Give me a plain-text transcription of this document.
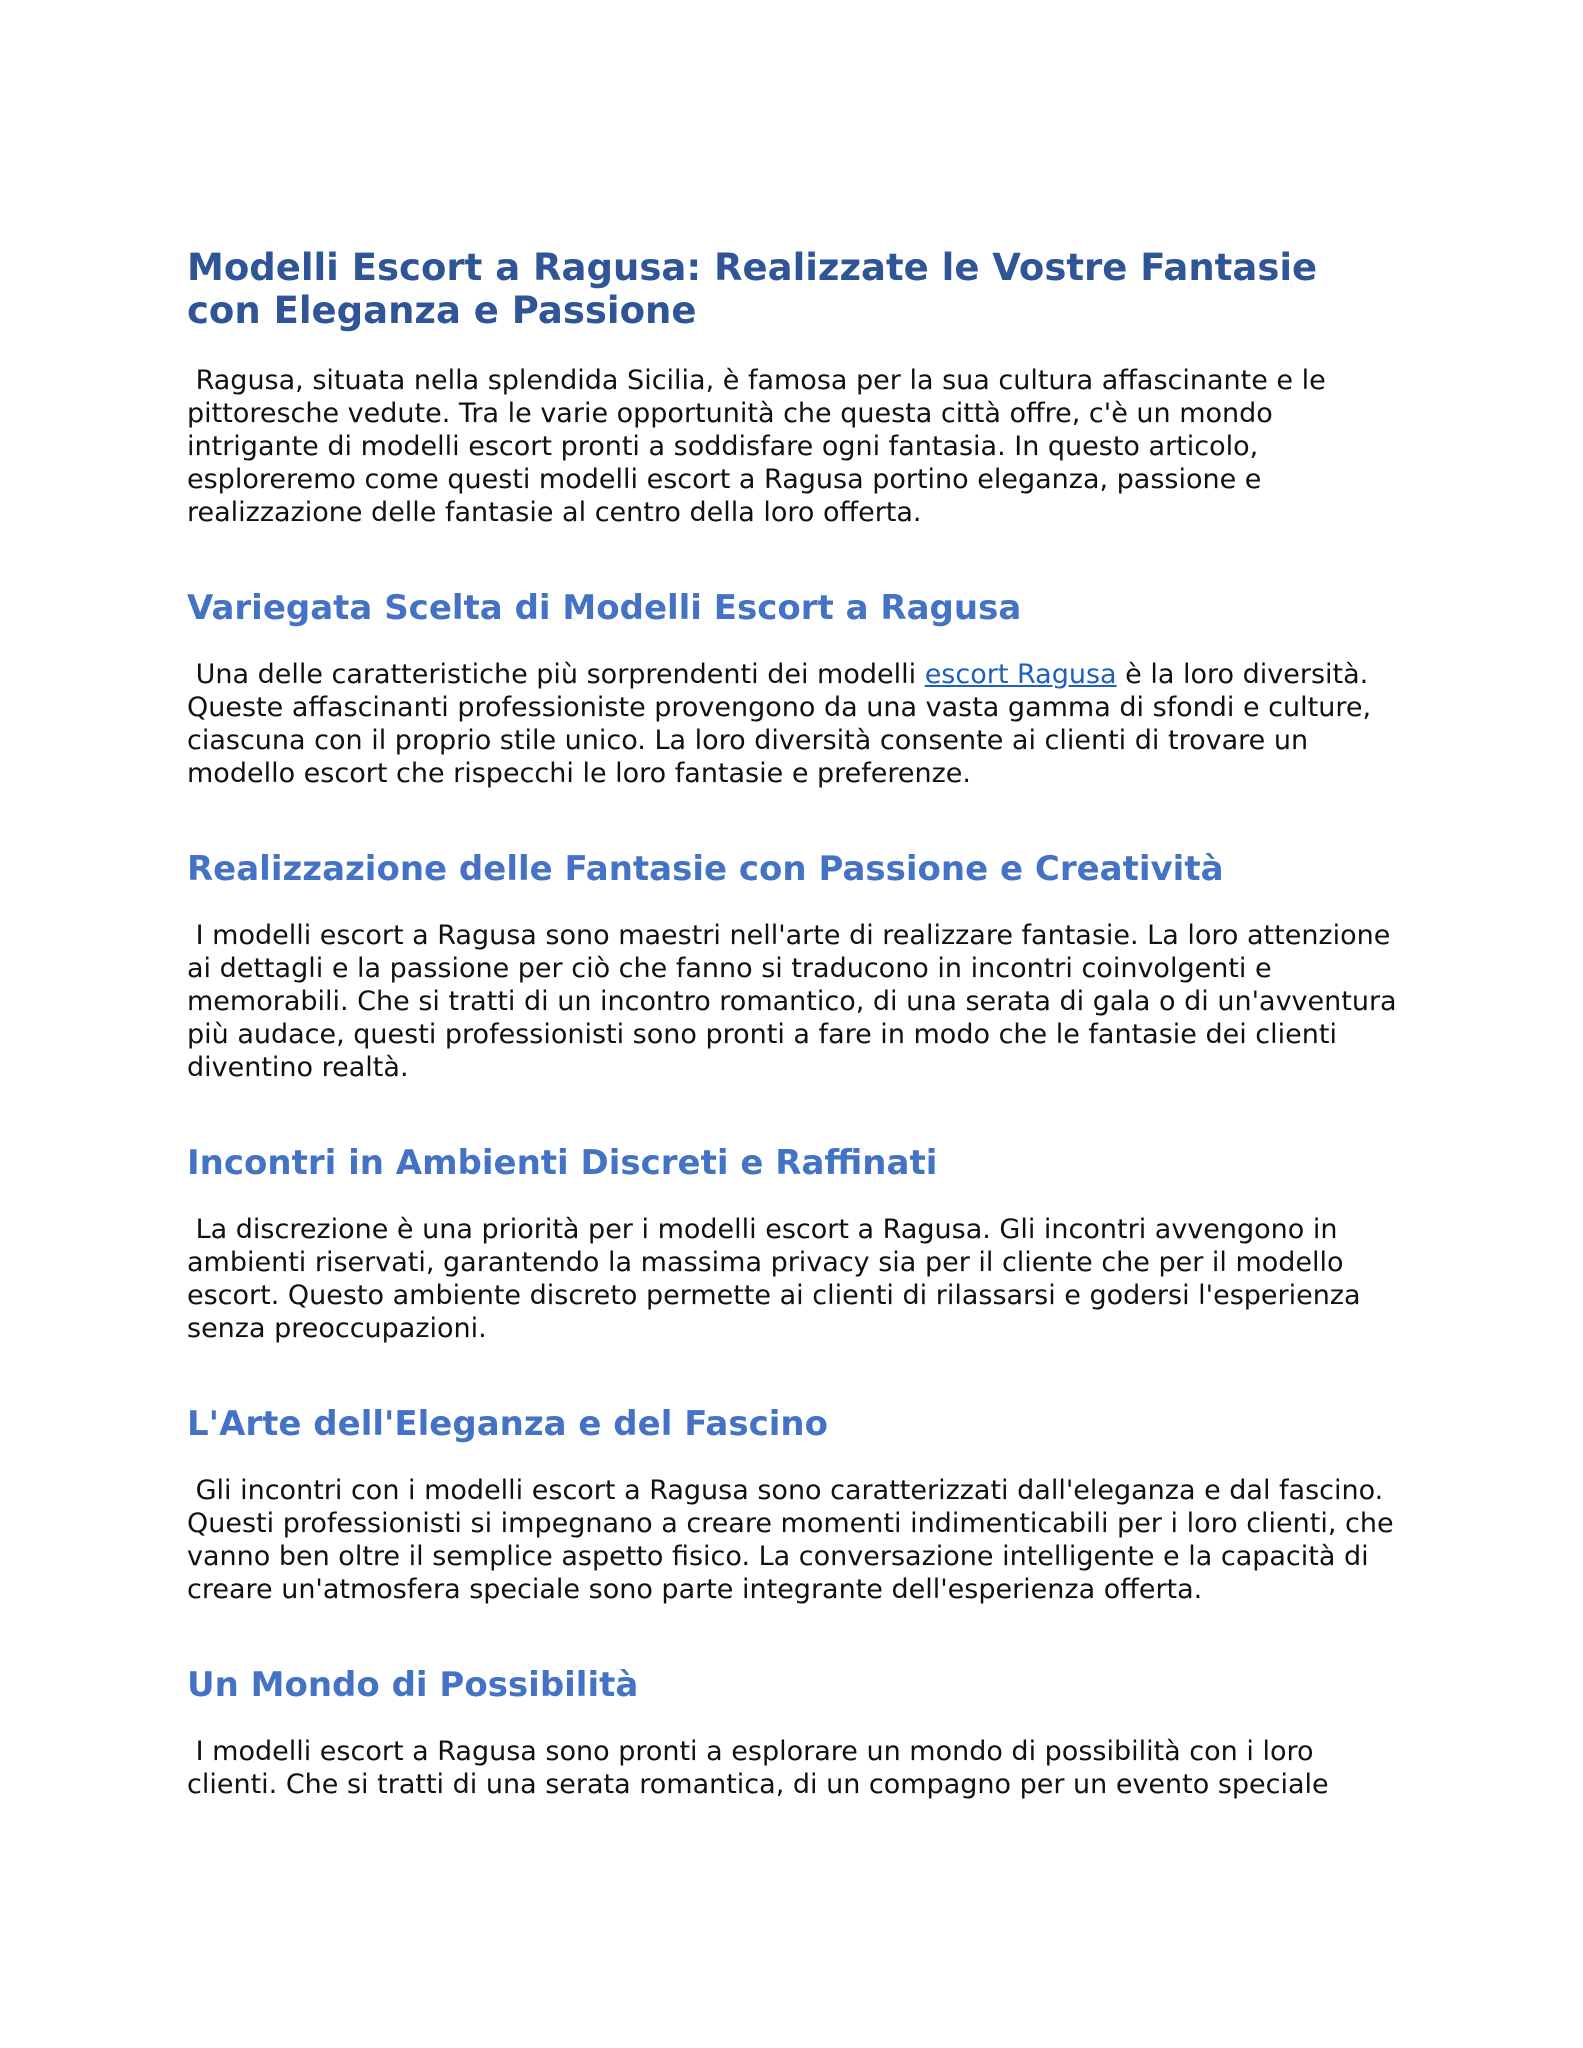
Modelli Escort a Ragusa: Realizzate le Vostre Fantasie con Eleganza e Passione

Ragusa, situata nella splendida Sicilia, è famosa per la sua cultura affascinante e le pittoresche vedute. Tra le varie opportunità che questa città offre, c'è un mondo intrigante di modelli escort pronti a soddisfare ogni fantasia. In questo articolo, esploreremo come questi modelli escort a Ragusa portino eleganza, passione e realizzazione delle fantasie al centro della loro offerta.

Variegata Scelta di Modelli Escort a Ragusa

Una delle caratteristiche più sorprendenti dei modelli escort Ragusa è la loro diversità. Queste affascinanti professioniste provengono da una vasta gamma di sfondi e culture, ciascuna con il proprio stile unico. La loro diversità consente ai clienti di trovare un modello escort che rispecchi le loro fantasie e preferenze.

Realizzazione delle Fantasie con Passione e Creatività

I modelli escort a Ragusa sono maestri nell'arte di realizzare fantasie. La loro attenzione ai dettagli e la passione per ciò che fanno si traducono in incontri coinvolgenti e memorabili. Che si tratti di un incontro romantico, di una serata di gala o di un'avventura più audace, questi professionisti sono pronti a fare in modo che le fantasie dei clienti diventino realtà.

Incontri in Ambienti Discreti e Raffinati

La discrezione è una priorità per i modelli escort a Ragusa. Gli incontri avvengono in ambienti riservati, garantendo la massima privacy sia per il cliente che per il modello escort. Questo ambiente discreto permette ai clienti di rilassarsi e godersi l'esperienza senza preoccupazioni.

L'Arte dell'Eleganza e del Fascino

Gli incontri con i modelli escort a Ragusa sono caratterizzati dall'eleganza e dal fascino. Questi professionisti si impegnano a creare momenti indimenticabili per i loro clienti, che vanno ben oltre il semplice aspetto fisico. La conversazione intelligente e la capacità di creare un'atmosfera speciale sono parte integrante dell'esperienza offerta.

Un Mondo di Possibilità

I modelli escort a Ragusa sono pronti a esplorare un mondo di possibilità con i loro clienti. Che si tratti di una serata romantica, di un compagno per un evento speciale
